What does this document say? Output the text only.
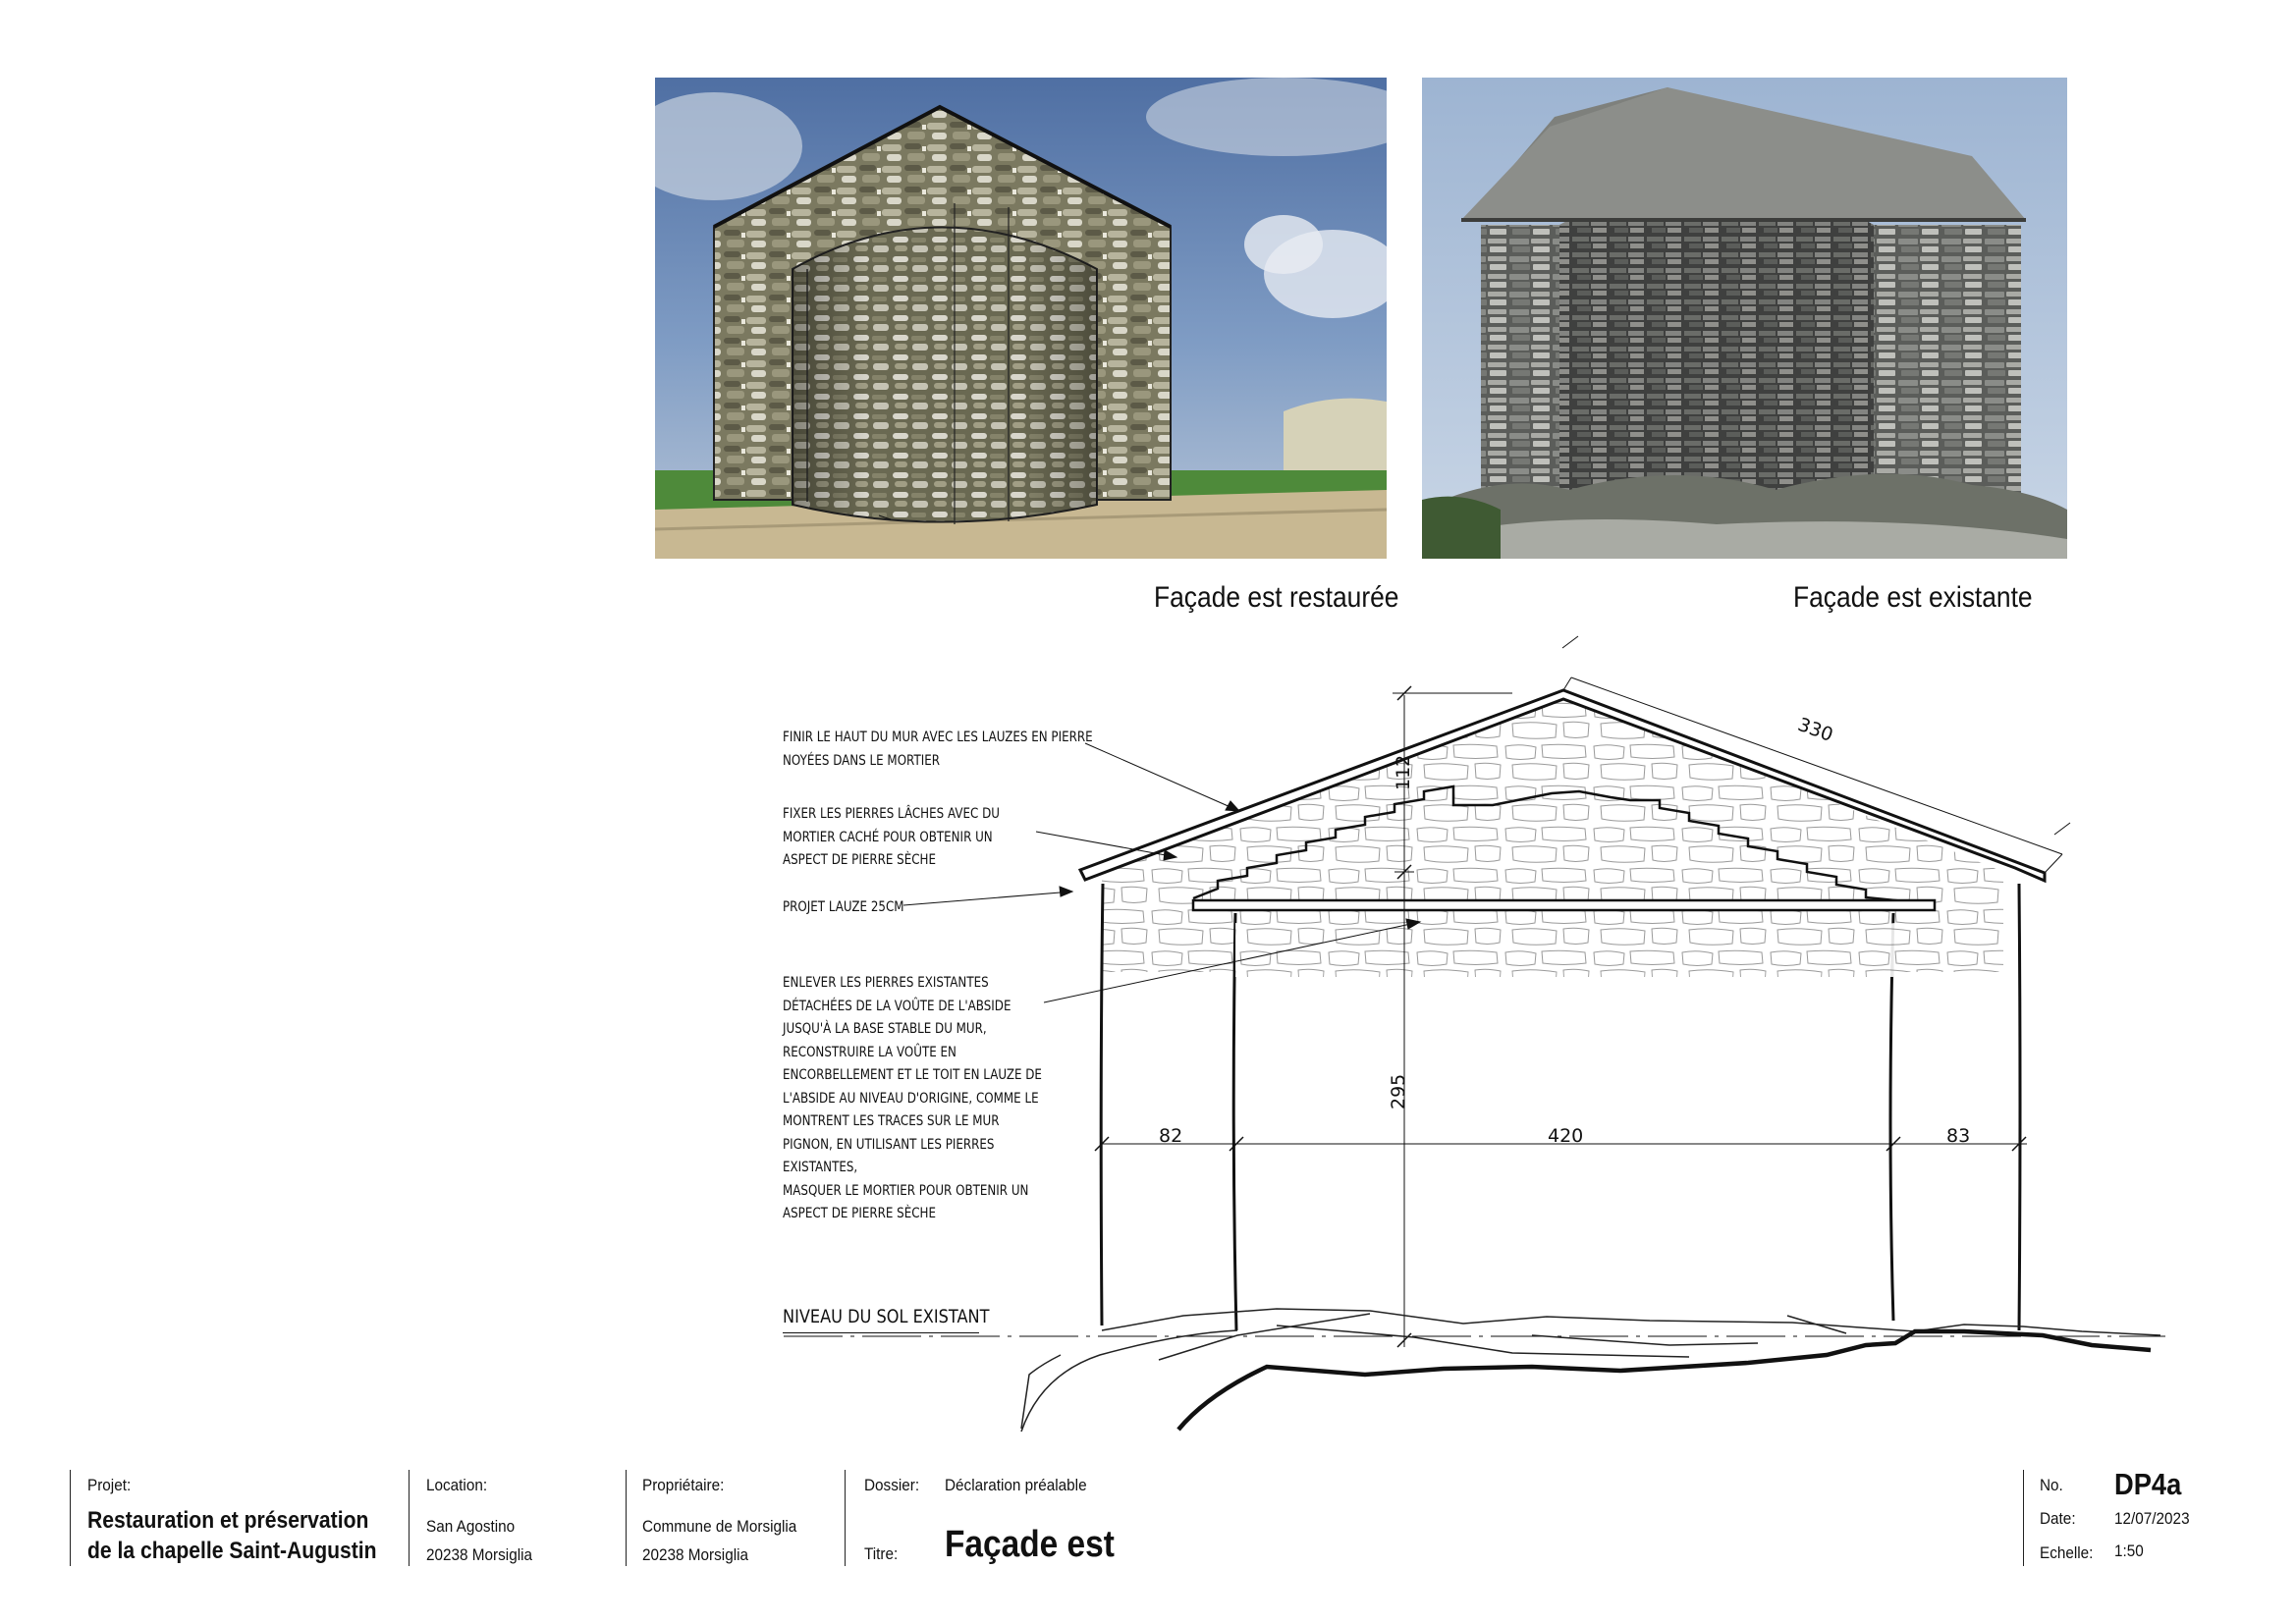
Façade est restaurée	Façade est existante
330
112
295
82	420	83
FINIR LE HAUT DU MUR AVEC LES LAUZES EN PIERRE
NOYÉES DANS LE MORTIER
FIXER LES PIERRES LÂCHES AVEC DU
MORTIER CACHÉ POUR OBTENIR UN
ASPECT DE PIERRE SÈCHE
PROJET LAUZE 25CM
ENLEVER LES PIERRES EXISTANTES
DÉTACHÉES DE LA VOÛTE DE L'ABSIDE
JUSQU'À LA BASE STABLE DU MUR,
RECONSTRUIRE LA VOÛTE EN
ENCORBELLEMENT ET LE TOIT EN LAUZE DE
L'ABSIDE AU NIVEAU D'ORIGINE, COMME LE
MONTRENT LES TRACES SUR LE MUR
PIGNON, EN UTILISANT LES PIERRES
EXISTANTES,
MASQUER LE MORTIER POUR OBTENIR UN
ASPECT DE PIERRE SÈCHE
NIVEAU DU SOL EXISTANT
Projet:
Restauration et préservation
de la chapelle Saint-Augustin
Location:
San Agostino
20238 Morsiglia
Propriétaire:
Commune de Morsiglia
20238 Morsiglia
Dossier: Déclaration préalable
Titre: Façade est
No. DP4a
Date: 12/07/2023
Echelle: 1:50
